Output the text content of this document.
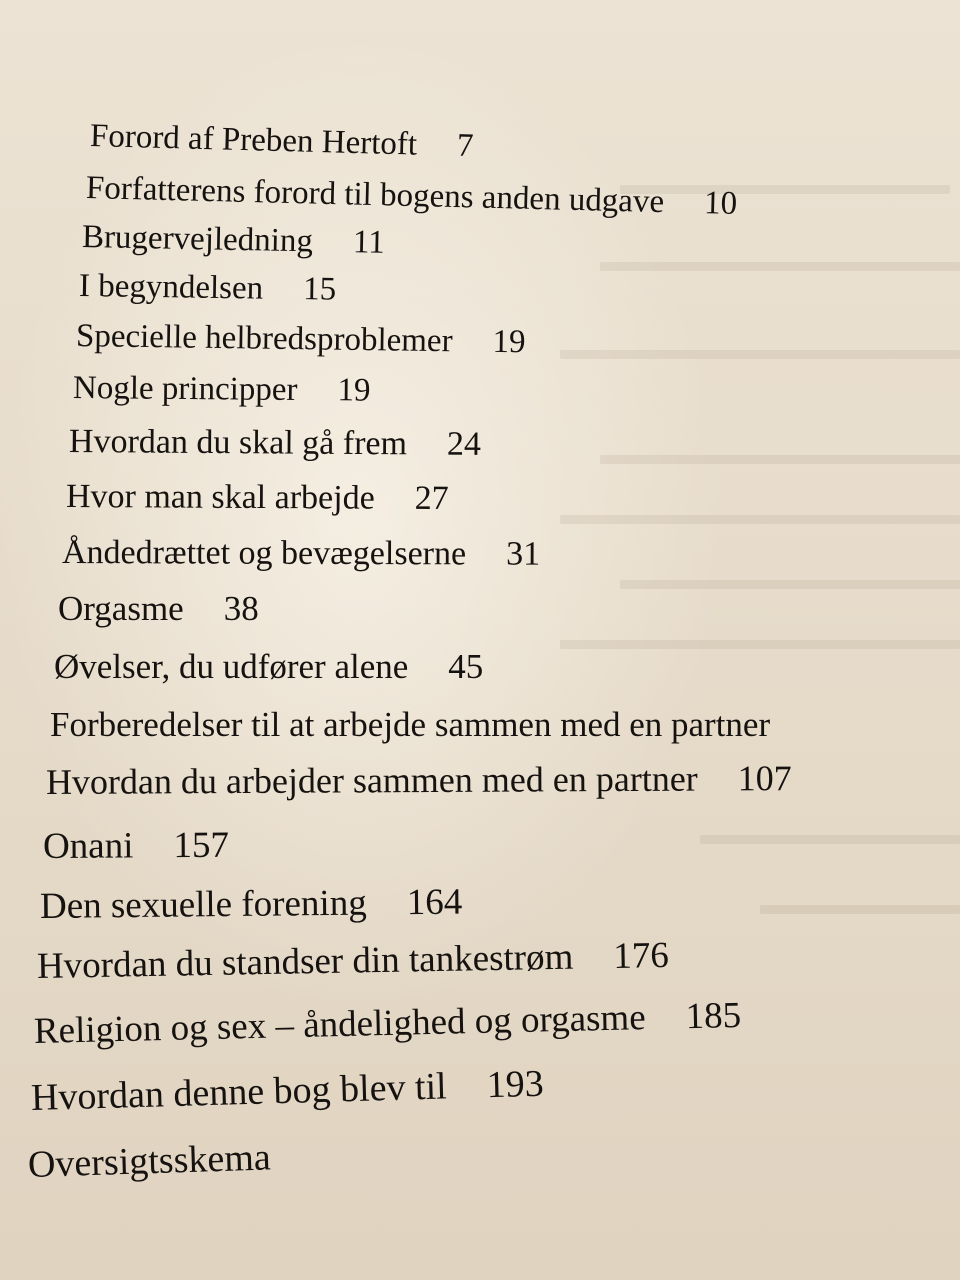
Forord af Preben Hertoft 7
Forfatterens forord til bogens anden udgave 10
Brugervejledning 11
I begyndelsen 15
Specielle helbredsproblemer 19
Nogle principper 19
Hvordan du skal gå frem 24
Hvor man skal arbejde 27
Åndedrættet og bevægelserne 31
Orgasme 38
Øvelser, du udfører alene 45
Forberedelser til at arbejde sammen med en partner
Hvordan du arbejder sammen med en partner 107
Onani 157
Den sexuelle forening 164
Hvordan du standser din tankestrøm 176
Religion og sex – åndelighed og orgasme 185
Hvordan denne bog blev til 193
Oversigtsskema
